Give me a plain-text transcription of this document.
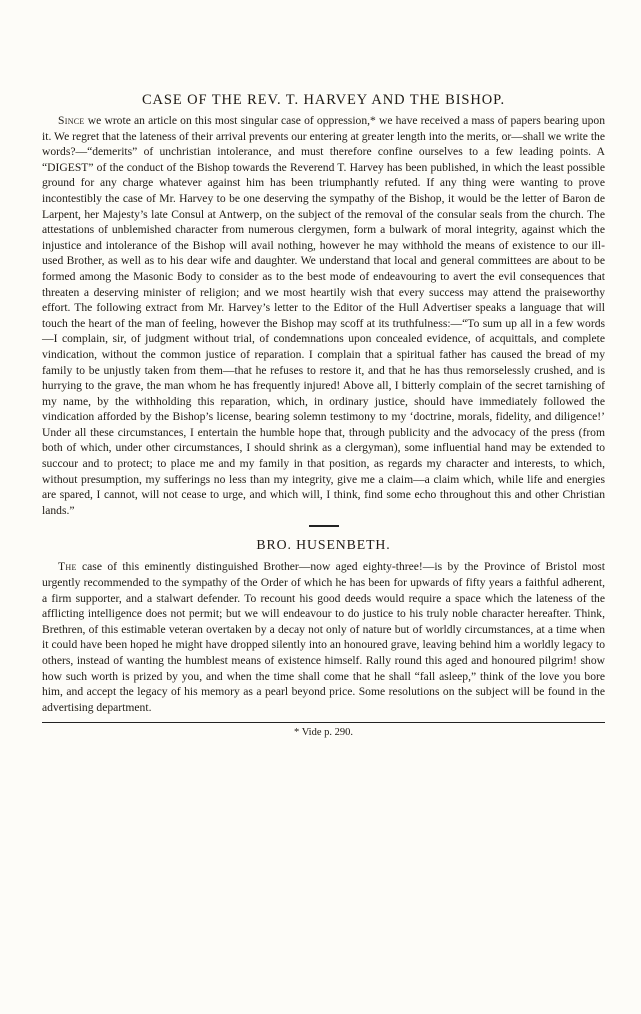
CASE OF THE REV. T. HARVEY AND THE BISHOP.

Since we wrote an article on this most singular case of oppression,* we have received a mass of papers bearing upon it. We regret that the lateness of their arrival prevents our entering at greater length into the merits, or—shall we write the words?—“demerits” of unchristian intolerance, and must therefore confine ourselves to a few leading points. A “DIGEST” of the conduct of the Bishop towards the Reverend T. Harvey has been published, in which the least possible ground for any charge whatever against him has been triumphantly refuted. If any thing were wanting to prove incontestibly the case of Mr. Harvey to be one deserving the sympathy of the Bishop, it would be the letter of Baron de Larpent, her Majesty’s late Consul at Antwerp, on the subject of the removal of the consular seals from the church. The attestations of unblemished character from numerous clergymen, form a bulwark of moral integrity, against which the injustice and intolerance of the Bishop will avail nothing, however he may withhold the means of existence to our ill-used Brother, as well as to his dear wife and daughter. We understand that local and general committees are about to be formed among the Masonic Body to consider as to the best mode of endeavouring to avert the evil consequences that threaten a deserving minister of religion; and we most heartily wish that every success may attend the praiseworthy effort. The following extract from Mr. Harvey’s letter to the Editor of the Hull Advertiser speaks a language that will touch the heart of the man of feeling, however the Bishop may scoff at its truthfulness:—“To sum up all in a few words—I complain, sir, of judgment without trial, of condemnations upon concealed evidence, of acquittals, and complete vindication, without the common justice of reparation. I complain that a spiritual father has caused the bread of my family to be unjustly taken from them—that he refuses to restore it, and that he has thus remorselessly crushed, and is hurrying to the grave, the man whom he has frequently injured! Above all, I bitterly complain of the secret tarnishing of my name, by the withholding this reparation, which, in ordinary justice, should have immediately followed the vindication afforded by the Bishop’s license, bearing solemn testimony to my ‘doctrine, morals, fidelity, and diligence!’ Under all these circumstances, I entertain the humble hope that, through publicity and the advocacy of the press (from both of which, under other circumstances, I should shrink as a clergyman), some influential hand may be extended to succour and to protect; to place me and my family in that position, as regards my character and interests, to which, without presumption, my sufferings no less than my integrity, give me a claim—a claim which, while life and energies are spared, I cannot, will not cease to urge, and which will, I think, find some echo throughout this and other Christian lands.”

BRO. HUSENBETH.

The case of this eminently distinguished Brother—now aged eighty-three!—is by the Province of Bristol most urgently recommended to the sympathy of the Order of which he has been for upwards of fifty years a faithful adherent, a firm supporter, and a stalwart defender. To recount his good deeds would require a space which the lateness of the afflicting intelligence does not permit; but we will endeavour to do justice to his truly noble character hereafter. Think, Brethren, of this estimable veteran overtaken by a decay not only of nature but of worldly circumstances, at a time when it could have been hoped he might have dropped silently into an honoured grave, leaving behind him a worldly legacy to others, instead of wanting the humblest means of existence himself. Rally round this aged and honoured pilgrim! show how such worth is prized by you, and when the time shall come that he shall “fall asleep,” think of the love you bore him, and accept the legacy of his memory as a pearl beyond price. Some resolutions on the subject will be found in the advertising department.

* Vide p. 290.
